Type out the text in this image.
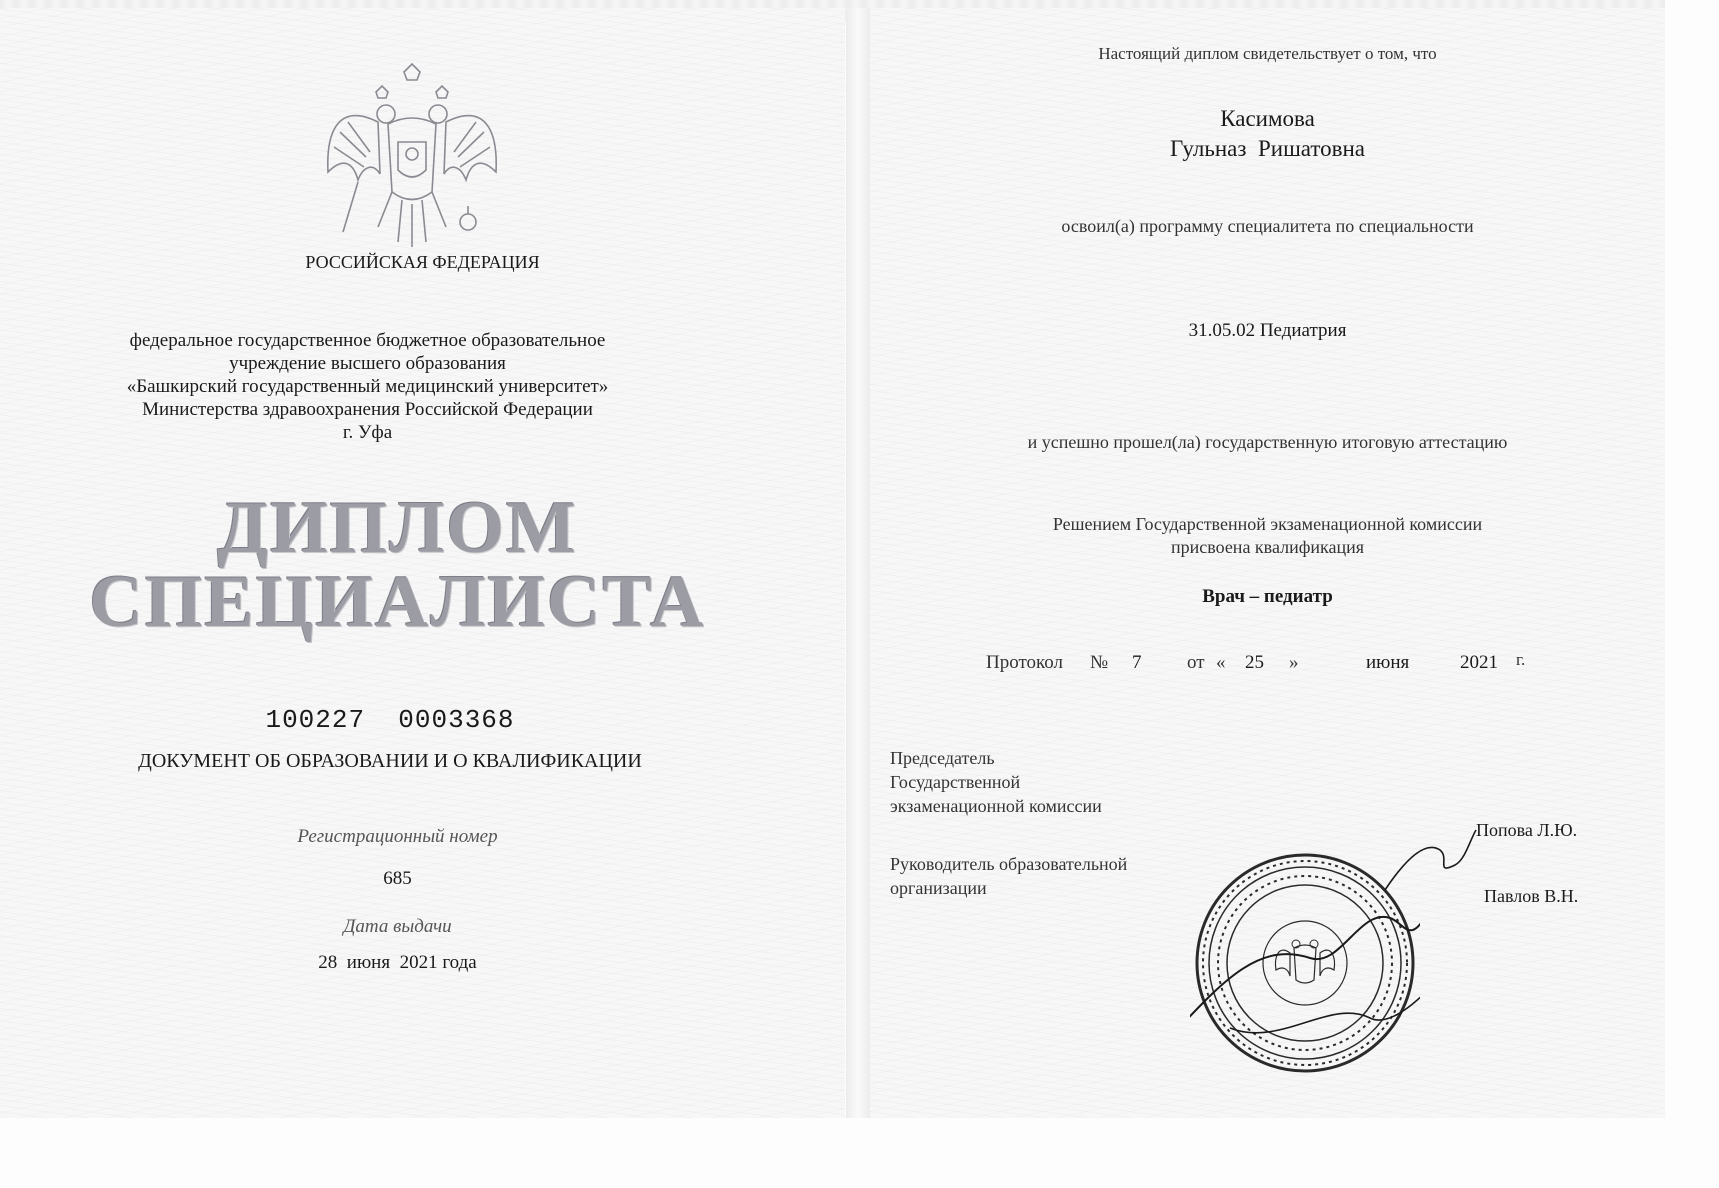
РОССИЙСКАЯ ФЕДЕРАЦИЯ

федеральное государственное бюджетное образовательное

учреждение высшего образования

«Башкирский государственный медицинский университет»

Министерства здравоохранения Российской Федерации

г. Уфа

ДИПЛОМ

СПЕЦИАЛИСТА

100227  0003368

ДОКУМЕНТ ОБ ОБРАЗОВАНИИ И О КВАЛИФИКАЦИИ

Регистрационный номер

685

Дата выдачи

28  июня  2021 года

Настоящий диплом свидетельствует о том, что

Касимова

Гульназ  Ришатовна

освоил(а) программу специалитета по специальности

31.05.02 Педиатрия

и успешно прошел(ла) государственную итоговую аттестацию

Решением Государственной экзаменационной комиссии

присвоена квалификация

Врач – педиатр

Протокол № 7 от « 25 »	июня	2021 г.

Председатель

Государственной

экзаменационной комиссии

Попова Л.Ю.

Руководитель образовательной

организации	Павлов В.Н.
